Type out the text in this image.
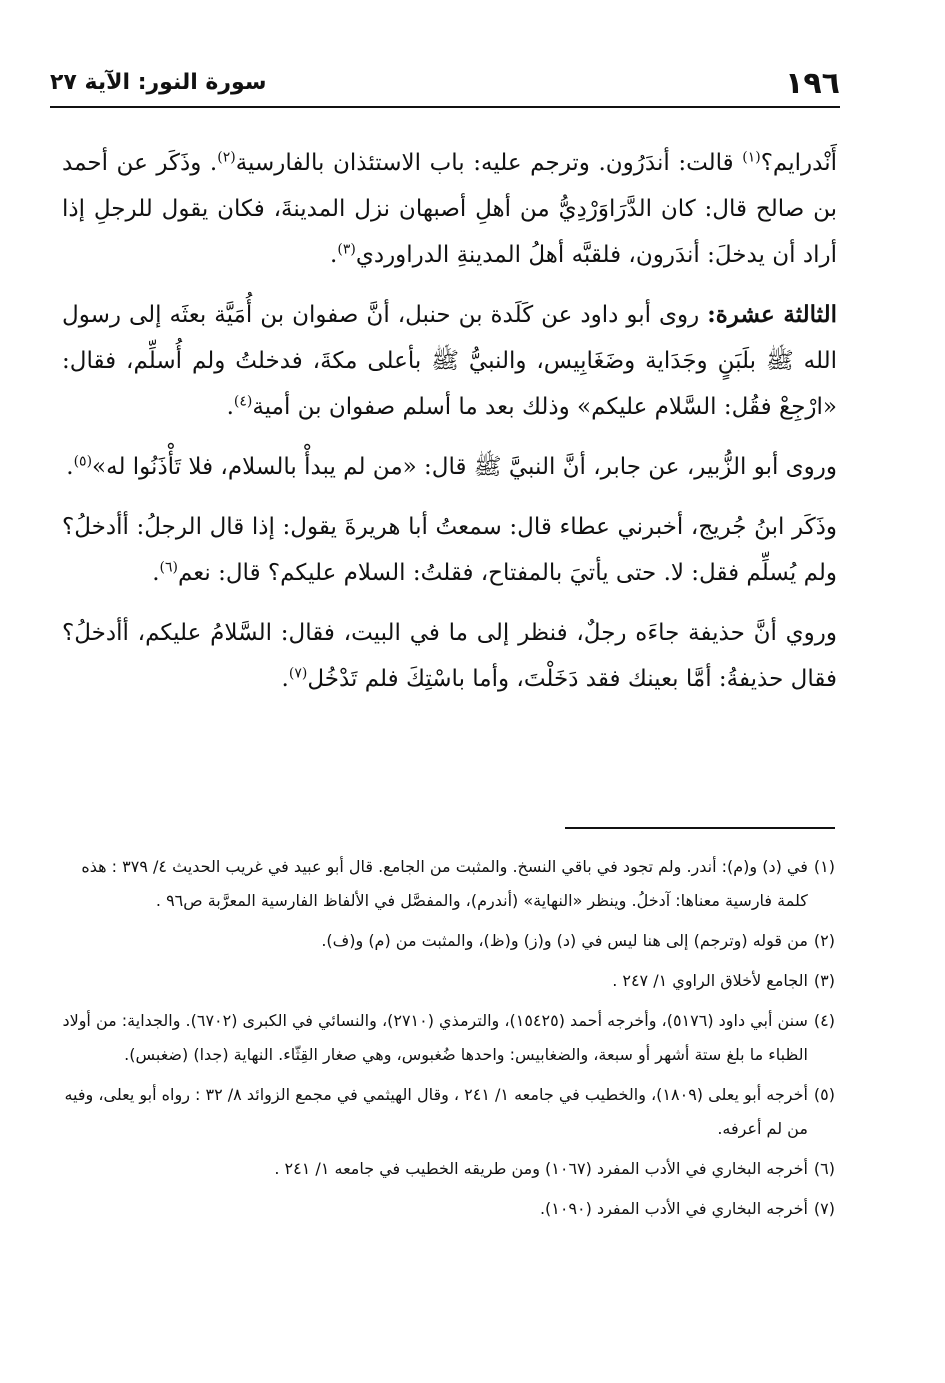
١٩٦
سورة النور: الآية ٢٧

أَنْدرايم؟$^{(١)}$ قالت: أندَرُون. وترجم عليه: باب الاستئذان بالفارسية$^{(٢)}$. وذَكَر عن أحمد بن صالح قال: كان الدَّرَاوَرْدِيُّ من أهلِ أصبهان نزل المدينةَ، فكان يقول للرجلِ إذا أراد أن يدخلَ: أندَرون، فلقبَّه أهلُ المدينةِ الدراوردي$^{(٣)}$.

الثالثة عشرة: روى أبو داود عن كَلَدة بن حنبل، أنَّ صفوان بن أُمَيَّة بعثَه إلى رسول الله ﷺ بلَبَنٍ وجَدَاية وضَغَابِيس، والنبيُّ ﷺ بأعلى مكةَ، فدخلتُ ولم أُسلِّم، فقال: «ارْجِعْ فقُل: السَّلام عليكم» وذلك بعد ما أسلم صفوان بن أمية$^{(٤)}$.

وروى أبو الزُّبير، عن جابر، أنَّ النبيَّ ﷺ قال: «من لم يبدأْ بالسلام، فلا تَأْذَنُوا له»$^{(٥)}$.

وذَكَر ابنُ جُريج، أخبرني عطاء قال: سمعتُ أبا هريرةَ يقول: إذا قال الرجلُ: أأدخلُ؟ ولم يُسلِّم فقل: لا. حتى يأتيَ بالمفتاح، فقلتُ: السلام عليكم؟ قال: نعم$^{(٦)}$.

وروي أنَّ حذيفة جاءَه رجلٌ، فنظر إلى ما في البيت، فقال: السَّلامُ عليكم، أأدخلُ؟ فقال حذيفةُ: أمَّا بعينك فقد دَخَلْتَ، وأما باسْتِكَ فلم تَدْخُل$^{(٧)}$.

(١)
في (د) و(م): أندر. ولم تجود في باقي النسخ. والمثبت من الجامع. قال أبو عبيد في غريب الحديث ٤/ ٣٧٩ : هذه كلمة فارسية معناها: آدخلُ. وينظر «النهاية» (أندرم)، والمفصَّل في الألفاظ الفارسية المعرَّبة ص٩٦ .
(٢)
من قوله (وترجم) إلى هنا ليس في (د) و(ز) و(ظ)، والمثبت من (م) و(ف).
(٣)
الجامع لأخلاق الراوي ١/ ٢٤٧ .
(٤)
سنن أبي داود (٥١٧٦)، وأخرجه أحمد (١٥٤٢٥)، والترمذي (٢٧١٠)، والنسائي في الكبرى (٦٧٠٢). والجداية: من أولاد الظباء ما بلغ ستة أشهر أو سبعة، والضغابيس: واحدها ضُغبوس، وهي صغار القِثّاء. النهاية (جدا) (ضغبس).
(٥)
أخرجه أبو يعلى (١٨٠٩)، والخطيب في جامعه ١/ ٢٤١ ، وقال الهيثمي في مجمع الزوائد ٨/ ٣٢ : رواه أبو يعلى، وفيه من لم أعرفه.
(٦)
أخرجه البخاري في الأدب المفرد (١٠٦٧) ومن طريقه الخطيب في جامعه ١/ ٢٤١ .
(٧)
أخرجه البخاري في الأدب المفرد (١٠٩٠).
